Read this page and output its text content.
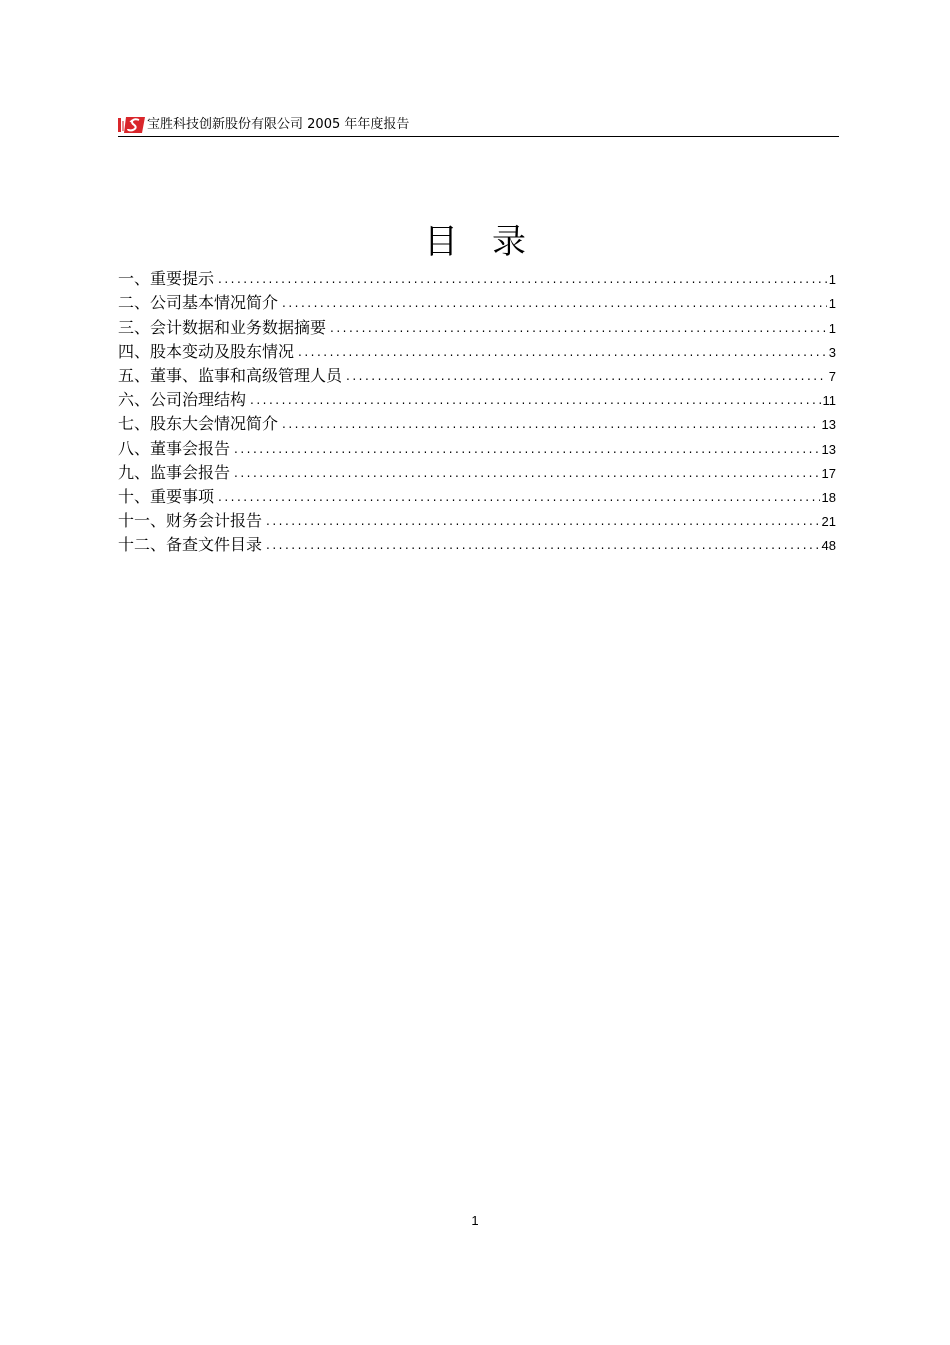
宝胜科技创新股份有限公司 2005 年年度报告
目　录
一、重要提示 .....	1
二、公司基本情况简介 .....	1
三、会计数据和业务数据摘要 .....	1
四、股本变动及股东情况 .....	3
五、董事、监事和高级管理人员 .....	7
六、公司治理结构 .....	11
七、股东大会情况简介 .....	13
八、董事会报告 .....	13
九、监事会报告 .....	17
十、重要事项 .....	18
十一、财务会计报告 .....	21
十二、备查文件目录 .....	48
1
